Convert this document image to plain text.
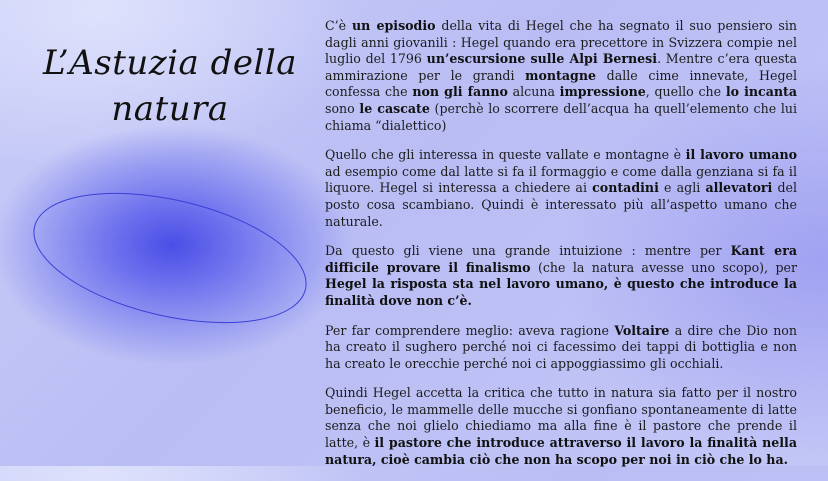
L’Astuzia della natura

C’è un episodio della vita di Hegel che ha segnato il suo pensiero sin dagli anni giovanili : Hegel quando era precettore in Svizzera compie nel luglio del 1796 un’escursione sulle Alpi Bernesi. Mentre c’era questa ammirazione per le grandi montagne dalle cime innevate, Hegel confessa che non gli fanno alcuna impressione, quello che lo incanta sono le cascate (perchè lo scorrere dell’acqua ha quell’elemento che lui chiama “dialettico)

Quello che gli interessa in queste vallate e montagne è il lavoro umano ad esempio come dal latte si fa il formaggio e come dalla genziana si fa il liquore. Hegel si interessa a chiedere ai contadini e agli allevatori del posto cosa scambiano. Quindi è interessato più all’aspetto umano che naturale.

Da questo gli viene una grande intuizione : mentre per Kant era difficile provare il finalismo (che la natura avesse uno scopo), per Hegel la risposta sta nel lavoro umano, è questo che introduce la finalità dove non c’è.

Per far comprendere meglio: aveva ragione Voltaire a dire che Dio non ha creato il sughero perché noi ci facessimo dei tappi di bottiglia e non ha creato le orecchie perché noi ci appoggiassimo gli occhiali.

Quindi Hegel accetta la critica che tutto in natura sia fatto per il nostro beneficio, le mammelle delle mucche si gonfiano spontaneamente di latte senza che noi glielo chiediamo ma alla fine è il pastore che prende il latte, è il pastore che introduce attraverso il lavoro la finalità nella natura, cioè cambia ciò che non ha scopo per noi in ciò che lo ha.
